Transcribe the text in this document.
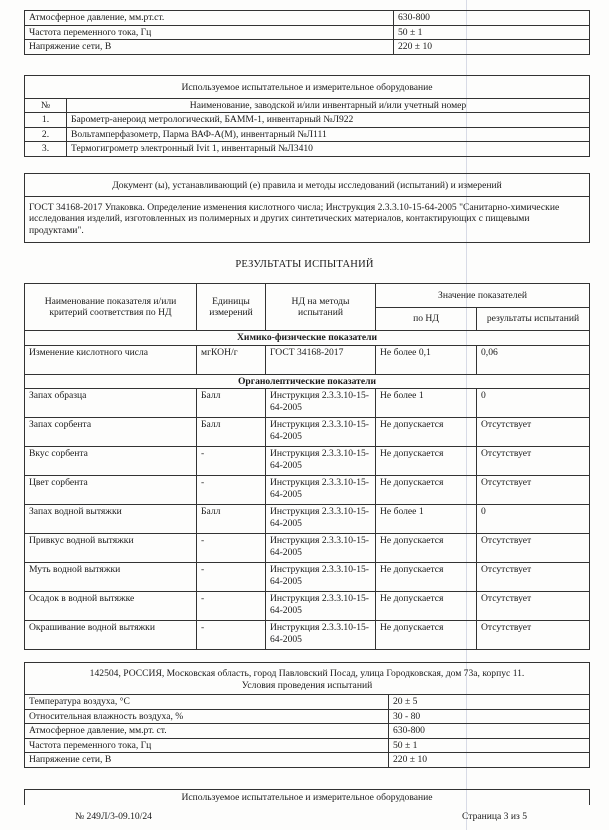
Атмосферное давление, мм.рт.ст.	630-800
Частота переменного тока, Гц	50 ± 1
Напряжение сети, В	220 ± 10
Используемое испытательное и измерительное оборудование
№	Наименование, заводской и/или инвентарный и/или учетный номер
1.	Барометр-анероид метрологический, БАММ-1, инвентарный №Л922
2.	Вольтамперфазометр, Парма ВАФ-А(М), инвентарный №Л111
3.	Термогигрометр электронный Ivit 1, инвентарный №Л3410
Документ (ы), устанавливающий (е) правила и методы исследований (испытаний) и измерений
ГОСТ 34168-2017 Упаковка. Определение изменения кислотного числа; Инструкция 2.3.3.10-15-64-2005 "Санитарно-химические исследования изделий, изготовленных из полимерных и других синтетических материалов, контактирующих с пищевыми продуктами".
РЕЗУЛЬТАТЫ ИСПЫТАНИЙ
Наименование показателя и/или критерий соответствия по НД	Единицы измерений	НД на методы испытаний	Значение показателей	
			по НД	результаты испытаний
Химико-физические показатели				
Изменение кислотного числа	мгКОН/г	ГОСТ 34168-2017	Не более 0,1	0,06
Органолептические показатели				
Запах образца	Балл	Инструкция 2.3.3.10-15-64-2005	Не более 1	0
Запах сорбента	Балл	Инструкция 2.3.3.10-15-64-2005	Не допускается	Отсутствует
Вкус сорбента	-	Инструкция 2.3.3.10-15-64-2005	Не допускается	Отсутствует
Цвет сорбента	-	Инструкция 2.3.3.10-15-64-2005	Не допускается	Отсутствует
Запах водной вытяжки	Балл	Инструкция 2.3.3.10-15-64-2005	Не более 1	0
Привкус водной вытяжки	-	Инструкция 2.3.3.10-15-64-2005	Не допускается	Отсутствует
Муть водной вытяжки	-	Инструкция 2.3.3.10-15-64-2005	Не допускается	Отсутствует
Осадок в водной вытяжке	-	Инструкция 2.3.3.10-15-64-2005	Не допускается	Отсутствует
Окрашивание водной вытяжки	-	Инструкция 2.3.3.10-15-64-2005	Не допускается	Отсутствует
142504, РОССИЯ, Московская область, город Павловский Посад, улица Городковская, дом 73а, корпус 11.
Условия проведения испытаний
Температура воздуха, °С	20 ± 5
Относительная влажность воздуха, %	30 - 80
Атмосферное давление, мм.рт. ст.	630-800
Частота переменного тока, Гц	50 ± 1
Напряжение сети, В	220 ± 10
Используемое испытательное и измерительное оборудование
№ 249Л/3-09.10/24	Страница 3 из 5
